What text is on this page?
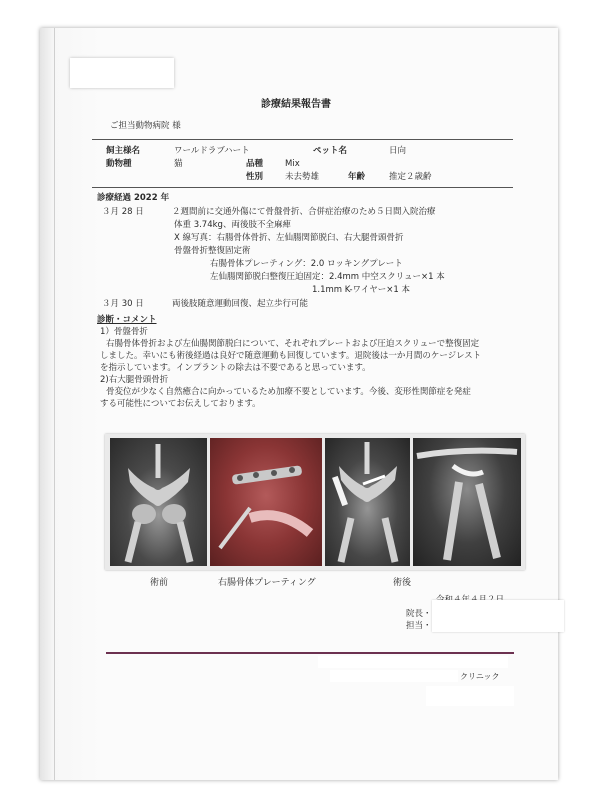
診療結果報告書
ご担当動物病院 様
飼主様名	ワールドラブハート	ペット名	日向
動物種	猫	品種	Mix
性別	未去勢雄	年齢	推定２歳齢
診療経過 2022 年
３月 28 日	２週間前に交通外傷にて骨盤骨折、合併症治療のため５日間入院治療
体重 3.74kg、両後肢不全麻痺
X 線写真：右腸骨体骨折、左仙腸関節脱臼、右大腿骨頭骨折
骨盤骨折整復固定術
右腸骨体プレーティング：2.0 ロッキングプレート
左仙腸関節脱臼整復圧迫固定：2.4mm 中空スクリュー×1 本
1.1mm K-ワイヤー×1 本
３月 30 日	両後肢随意運動回復、起立歩行可能
診断・コメント
1）骨盤骨折
右腸骨体骨折および左仙腸関節脱臼について、それぞれプレートおよび圧迫スクリューで整復固定
しました。幸いにも術後経過は良好で随意運動も回復しています。退院後は一か月間のケージレスト
を指示しています。インプラントの除去は不要であると思っています。
2)右大腿骨頭骨折
骨変位が少なく自然癒合に向かっているため加療不要としています。今後、変形性関節症を発症
する可能性についてお伝えしております。
術前	右腸骨体プレーティング	術後
院長・
担当・
クリニック
